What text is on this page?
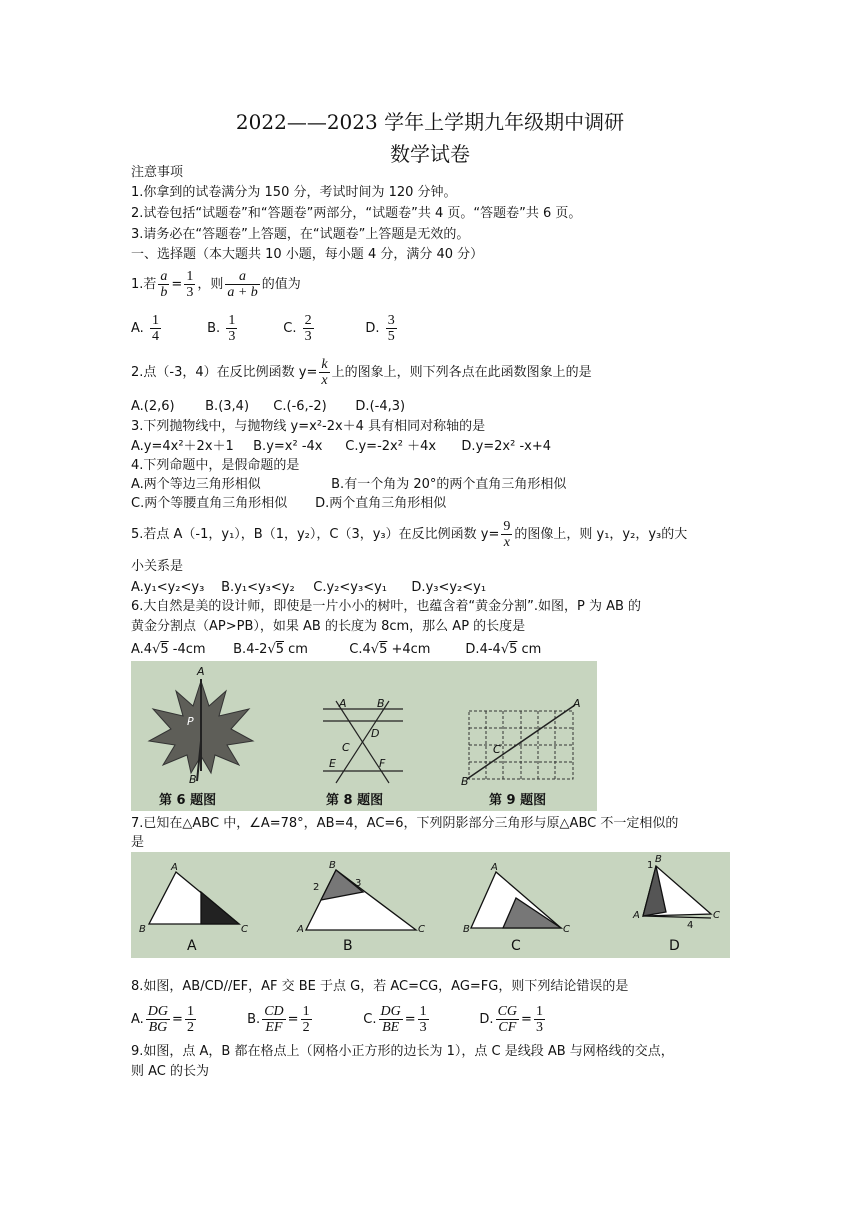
2022——2023 学年上学期九年级期中调研
数学试卷
注意事项
1.你拿到的试卷满分为 150 分，考试时间为 120 分钟。
2.试卷包括“试题卷”和“答题卷”两部分，“试题卷”共 4 页。“答题卷”共 6 页。
3.请务必在“答题卷”上答题，在“试题卷”上答题是无效的。
一、选择题（本大题共 10 小题，每小题 4 分，满分 40 分）
1.若 $\frac{a}{b} = \frac{1}{3}$ ，则 $\frac{a}{a + b}$ 的值为
A. $\frac{1}{4}$	B. $\frac{1}{3}$	C. $\frac{2}{3}$	D. $\frac{3}{5}$
2.点（-3，4）在反比例函数 $y= \frac{k}{x}$ 上的图象上，则下列各点在此函数图象上的是
A.(2,6) B.(3,4) C.(-6,-2) D.(-4,3)
3.下列抛物线中，与抛物线 y=x²-2x＋4 具有相同对称轴的是
A.y=4x²＋2x＋1 B.y=x² -4x C.y=-2x² ＋4x D.y=2x² -x+4
4.下列命题中，是假命题的是
A.两个等边三角形相似	B.有一个角为 20°的两个直角三角形相似
C.两个等腰直角三角形相似 D.两个直角三角形相似
5.若点 A（-1，y₁），B（1，y₂），C（3，y₃）在反比例函数 $y= \frac{9}{x}$ 的图像上，则 y₁，y₂，y₃的大
小关系是
A.y₁<y₂<y₃ B.y₁<y₃<y₂ C.y₂<y₃<y₁ D.y₃<y₂<y₁
6.大自然是美的设计师，即使是一片小小的树叶，也蕴含着“黄金分割”.如图，P 为 AB 的
黄金分割点（AP>PB），如果 AB 的长度为 8cm，那么 AP 的长度是
A.4√5 -4cm B.4-2√5 cm	C.4√5 +4cm	D.4-4√5 cm
第 6 题图	第 8 题图	第 9 题图
A
P
B
A	B
C
D
E	F
A
C
B
7.已知在△ABC 中，∠A=78°，AB=4，AC=6，下列阴影部分三角形与原△ABC 不一定相似的
是
A	B	C	D
A
B	C
B
2	3
A	C
A
B	C
1
B
A
4
C
8.如图，AB/CD//EF，AF 交 BE 于点 G，若 AC=CG，AG=FG，则下列结论错误的是
A. $\frac{DG}{BG} = \frac{1}{2}$	B. $\frac{CD}{EF} = \frac{1}{2}$	C. $\frac{DG}{BE} = \frac{1}{3}$	D. $\frac{CG}{CF} = \frac{1}{3}$
9.如图，点 A，B 都在格点上（网格小正方形的边长为 1），点 C 是线段 AB 与网格线的交点，
则 AC 的长为
